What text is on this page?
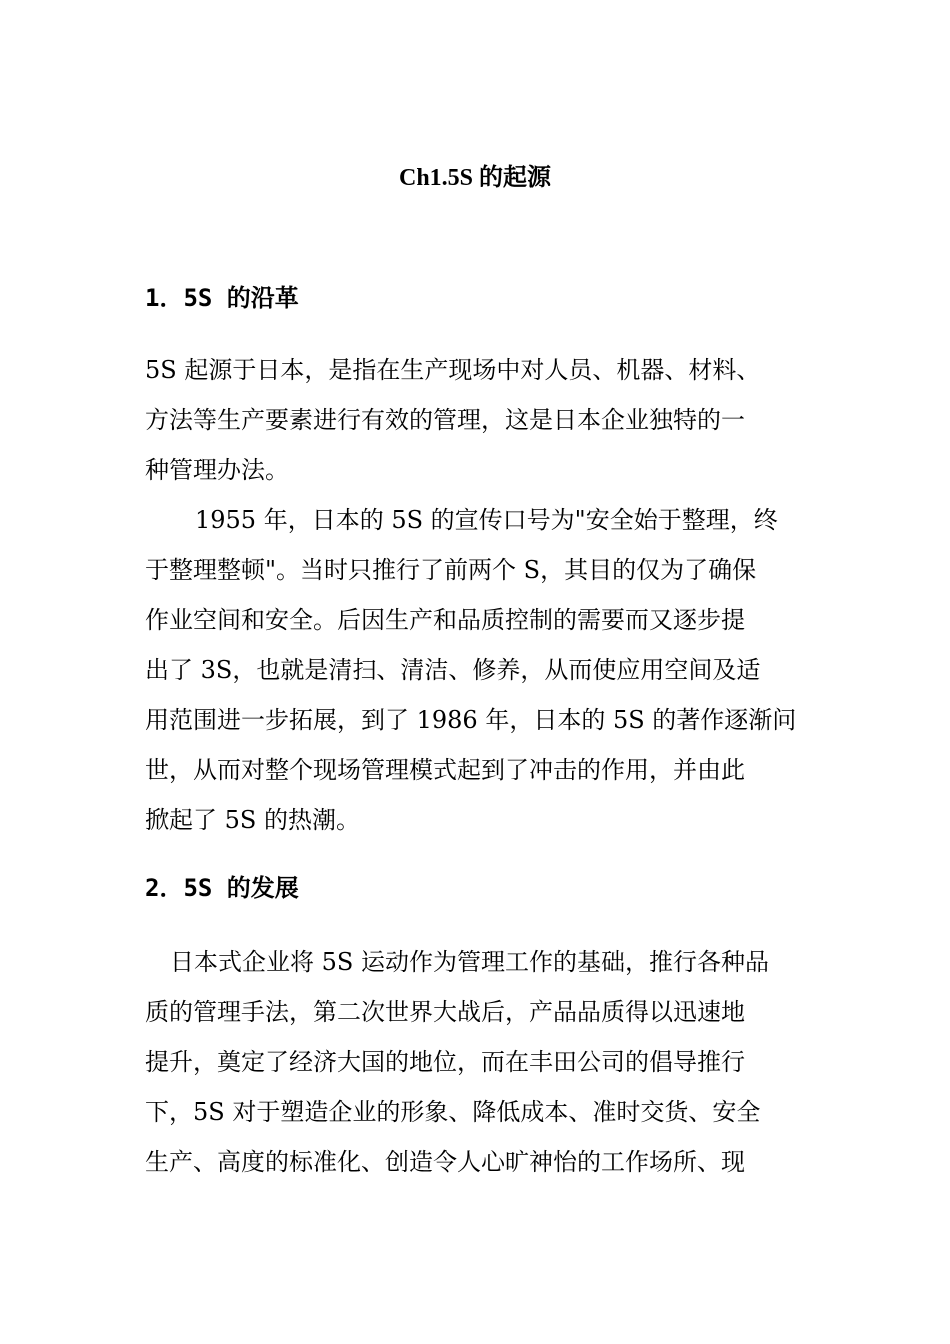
Ch1.5S 的起源
1．5S 的沿革
5S 起源于日本，是指在生产现场中对人员、机器、材料、
方法等生产要素进行有效的管理，这是日本企业独特的一
种管理办法。
1955 年，日本的 5S 的宣传口号为"安全始于整理，终
于整理整顿"。当时只推行了前两个 S，其目的仅为了确保
作业空间和安全。后因生产和品质控制的需要而又逐步提
出了 3S，也就是清扫、清洁、修养，从而使应用空间及适
用范围进一步拓展，到了 1986 年，日本的 5S 的著作逐渐问
世，从而对整个现场管理模式起到了冲击的作用，并由此
掀起了 5S 的热潮。
2．5S 的发展
日本式企业将 5S 运动作为管理工作的基础，推行各种品
质的管理手法，第二次世界大战后，产品品质得以迅速地
提升，奠定了经济大国的地位，而在丰田公司的倡导推行
下，5S 对于塑造企业的形象、降低成本、准时交货、安全
生产、高度的标准化、创造令人心旷神怡的工作场所、现
